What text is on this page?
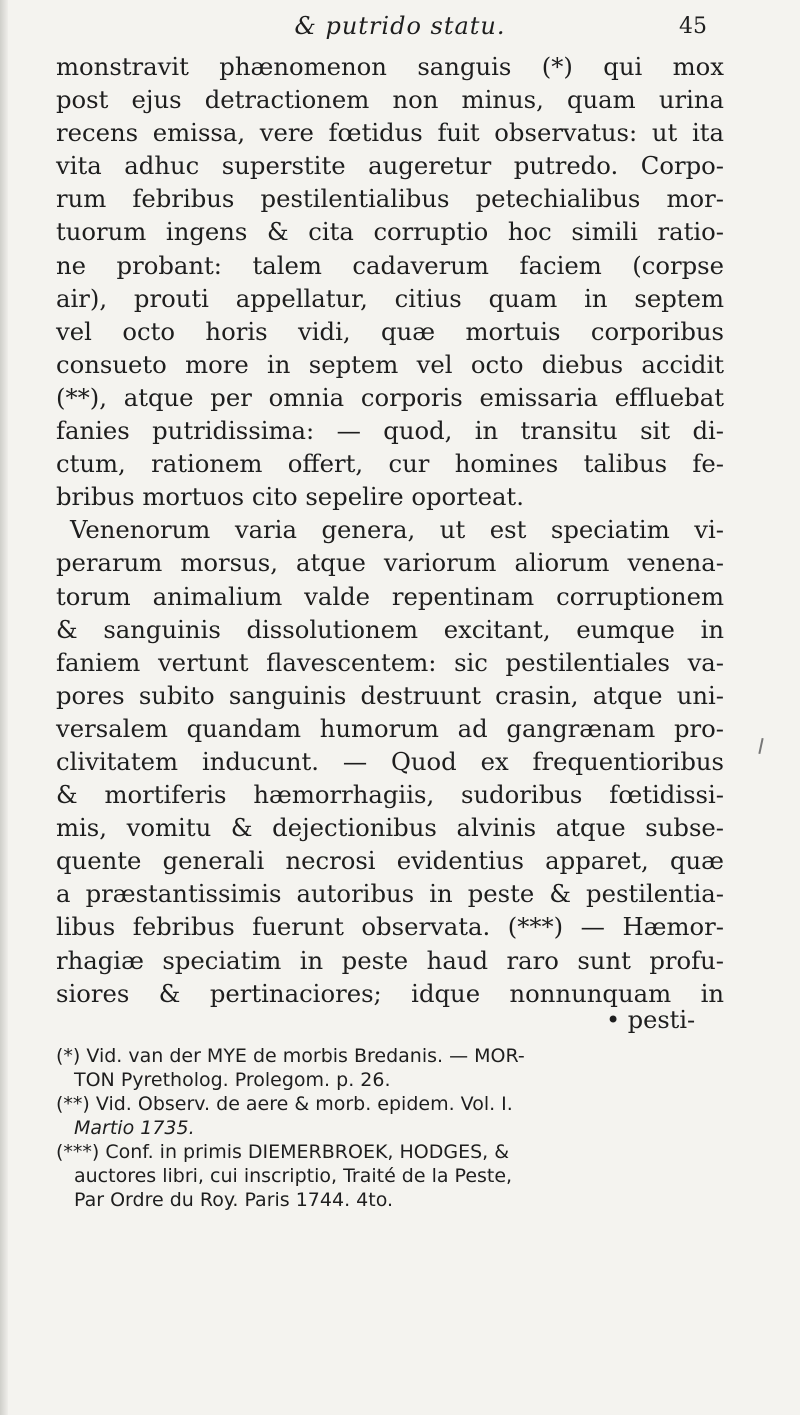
& putrido statu.	45
monstravit phænomenon sanguis (*) qui mox
post ejus detractionem non minus, quam urina
recens emissa, vere fœtidus fuit observatus: ut ita
vita adhuc superstite augeretur putredo. Corpo-
rum febribus pestilentialibus petechialibus mor-
tuorum ingens & cita corruptio hoc simili ratio-
ne probant: talem cadaverum faciem (corpse
air), prouti appellatur, citius quam in septem
vel octo horis vidi, quæ mortuis corporibus
consueto more in septem vel octo diebus accidit
(**), atque per omnia corporis emissaria effluebat
fanies putridissima: — quod, in transitu sit di-
ctum, rationem offert, cur homines talibus fe-
bribus mortuos cito sepelire oporteat.
Venenorum varia genera, ut est speciatim vi-
perarum morsus, atque variorum aliorum venena-
torum animalium valde repentinam corruptionem
& sanguinis dissolutionem excitant, eumque in
faniem vertunt flavescentem: sic pestilentiales va-
pores subito sanguinis destruunt crasin, atque uni-
versalem quandam humorum ad gangrænam pro-
clivitatem inducunt. — Quod ex frequentioribus
& mortiferis hæmorrhagiis, sudoribus fœtidissi-
mis, vomitu & dejectionibus alvinis atque subse-
quente generali necrosi evidentius apparet, quæ
a præstantissimis autoribus in peste & pestilentia-
libus febribus fuerunt observata. (***) — Hæmor-
rhagiæ speciatim in peste haud raro sunt profu-
siores & pertinaciores; idque nonnunquam in
• pesti-
(*) Vid. van der MYE de morbis Bredanis. — MOR-
TON Pyretholog. Prolegom. p. 26.
(**) Vid. Observ. de aere & morb. epidem. Vol. I.
Martio 1735.
(***) Conf. in primis DIEMERBROEK, HODGES, &
auctores libri, cui inscriptio, Traité de la Peste,
Par Ordre du Roy. Paris 1744. 4to.
